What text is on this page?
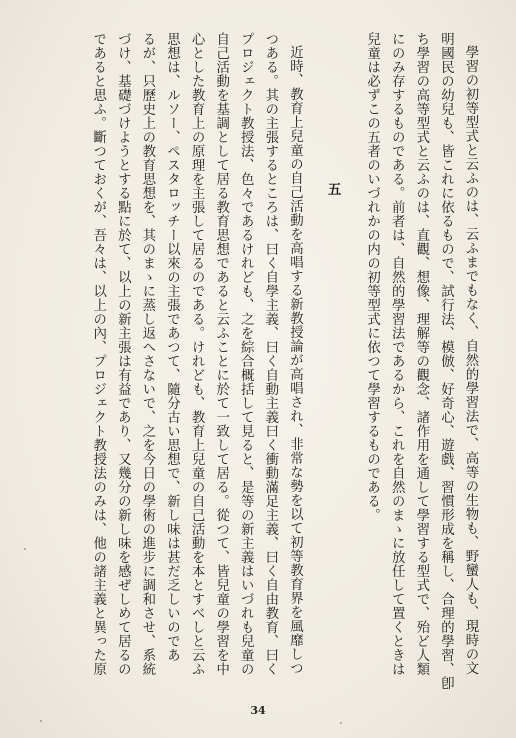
學習の初等型式と云ふのは、云ふまでもなく、自然的學習法で、高等の生物も、野蠻人も、現時の文
明國民の幼兒も、皆これに依るもので、試行法、模倣、好奇心、遊戲、習慣形成を稱し、合理的學習、卽
ち學習の高等型式と云ふのは、直觀、想像、理解等の觀念、諸作用を通して學習する型式で、殆ど人類
にのみ存するものである。前者は、自然的學習法であるから、これを自然のまゝに放任して置くときは
兒童は必ずこの五者のいづれかの内の初等型式に依つて學習するものである。
五
近時、教育上兒童の自己活動を高唱する新教授論が高唱され、非常な勢を以て初等教育界を風靡しつ
つある。其の主張するところは、曰く自學主義、曰く自動主義曰く衝動滿足主義、曰く自由教育、曰く
プロジェクト教授法、色々であるけれども、之を綜合概括して見ると、是等の新主義はいづれも兒童の
自己活動を基調として居る教育思想であると云ふことに於て一致して居る。從つて、皆兒童の學習を中
心とした教育上の原理を主張して居るのである。けれども、教育上兒童の自己活動を本とすべしと云ふ
思想は、ルソー、ペスタロッチー以來の主張であつて、隨分古い思想で、新し味は甚だ乏しいのであ
るが、只歷史上の教育思想を、其のまゝに蒸し返へさないで、之を今日の學術の進步に調和させ、系統
づけ、基礎づけようとする點に於て、以上の新主張は有益であり、又幾分の新し味を感ぜしめて居るの
であると思ふ。斷つておくが、吾々は、以上の內、プロジェクト教授法のみは、他の諸主義と異った原
34
